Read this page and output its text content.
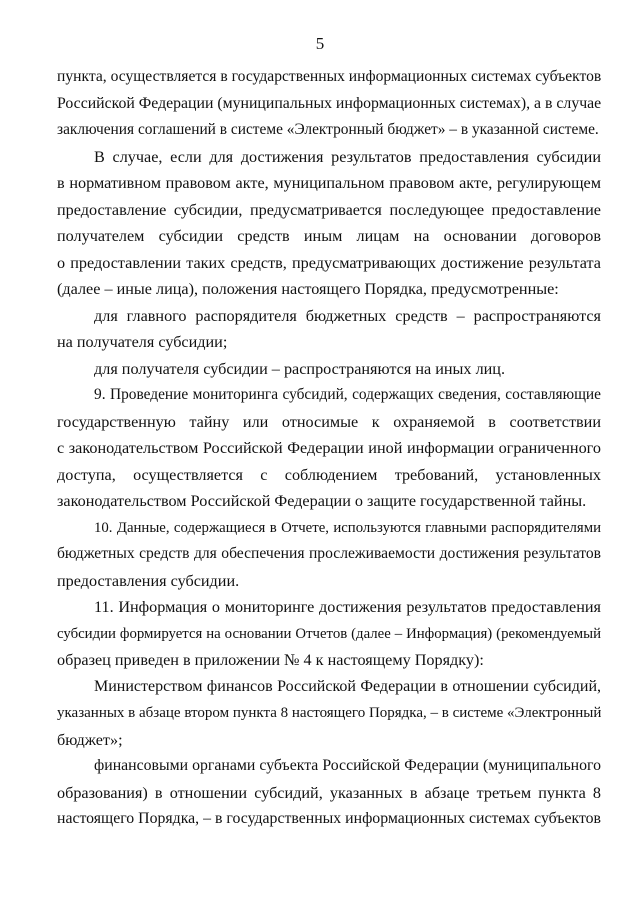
5

пункта, осуществляется в государственных информационных системах субъектов
Российской Федерации (муниципальных информационных системах), а в случае
заключения соглашений в системе «Электронный бюджет» – в указанной системе.

В случае, если для достижения результатов предоставления субсидии
в нормативном правовом акте, муниципальном правовом акте, регулирующем
предоставление субсидии, предусматривается последующее предоставление
получателем субсидии средств иным лицам на основании договоров
о предоставлении таких средств, предусматривающих достижение результата
(далее – иные лица), положения настоящего Порядка, предусмотренные:

для главного распорядителя бюджетных средств – распространяются
на получателя субсидии;

для получателя субсидии – распространяются на иных лиц.

9. Проведение мониторинга субсидий, содержащих сведения, составляющие
государственную тайну или относимые к охраняемой в соответствии
с законодательством Российской Федерации иной информации ограниченного
доступа, осуществляется с соблюдением требований, установленных
законодательством Российской Федерации о защите государственной тайны.

10. Данные, содержащиеся в Отчете, используются главными распорядителями
бюджетных средств для обеспечения прослеживаемости достижения результатов
предоставления субсидии.

11. Информация о мониторинге достижения результатов предоставления
субсидии формируется на основании Отчетов (далее – Информация) (рекомендуемый
образец приведен в приложении № 4 к настоящему Порядку):

Министерством финансов Российской Федерации в отношении субсидий,
указанных в абзаце втором пункта 8 настоящего Порядка, – в системе «Электронный
бюджет»;

финансовыми органами субъекта Российской Федерации (муниципального
образования) в отношении субсидий, указанных в абзаце третьем пункта 8
настоящего Порядка, – в государственных информационных системах субъектов
